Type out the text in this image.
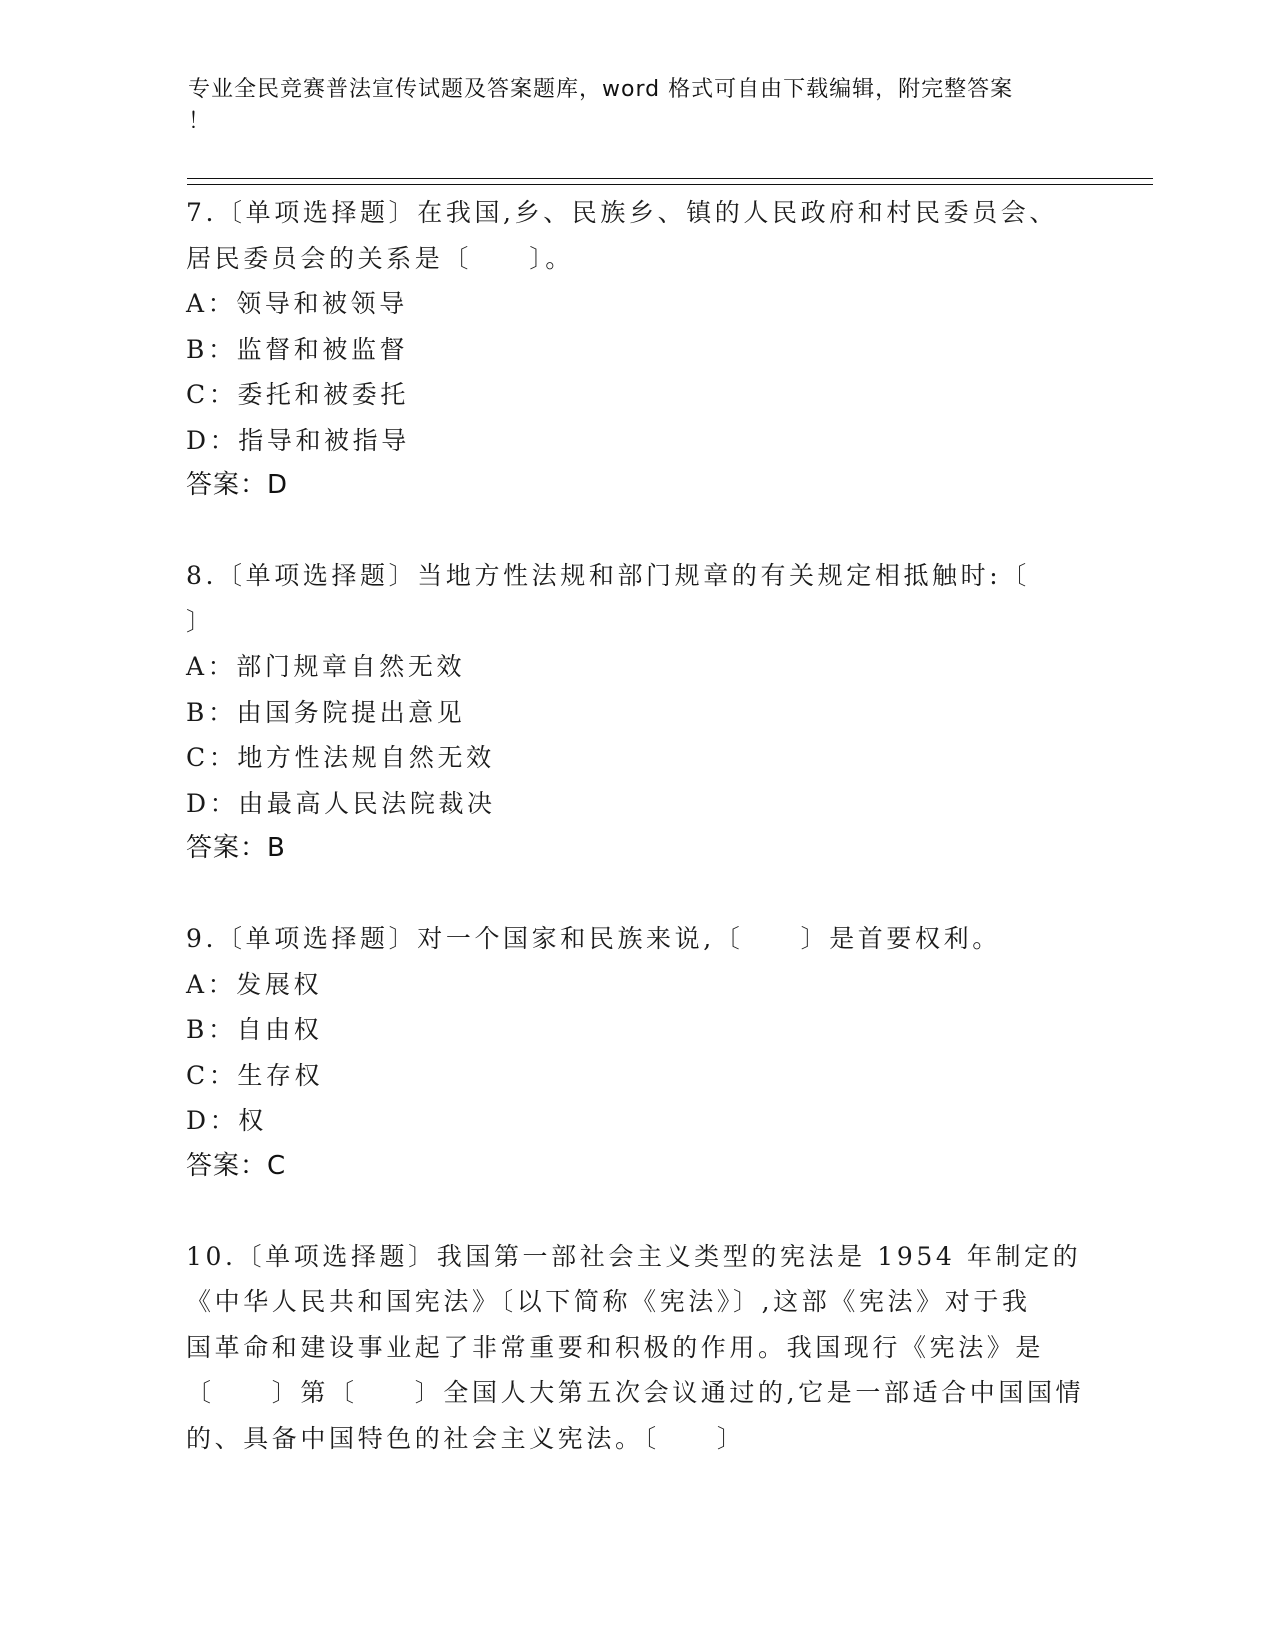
专业全民竞赛普法宣传试题及答案题库，word 格式可自由下载编辑，附完整答案
！
7.〔单项选择题〕在我国,乡、民族乡、镇的人民政府和村民委员会、
居民委员会的关系是〔　　〕。
A：领导和被领导
B：监督和被监督
C：委托和被委托
D：指导和被指导
答案：D
8.〔单项选择题〕当地方性法规和部门规章的有关规定相抵触时:〔
〕
A：部门规章自然无效
B：由国务院提出意见
C：地方性法规自然无效
D：由最高人民法院裁决
答案：B
9.〔单项选择题〕对一个国家和民族来说,〔　　〕是首要权利。
A：发展权
B：自由权
C：生存权
D：权
答案：C
10.〔单项选择题〕我国第一部社会主义类型的宪法是 1954 年制定的
《中华人民共和国宪法》〔以下简称《宪法》〕,这部《宪法》对于我
国革命和建设事业起了非常重要和积极的作用。我国现行《宪法》是
〔　　〕第〔　　〕全国人大第五次会议通过的,它是一部适合中国国情
的、具备中国特色的社会主义宪法。〔　　〕
